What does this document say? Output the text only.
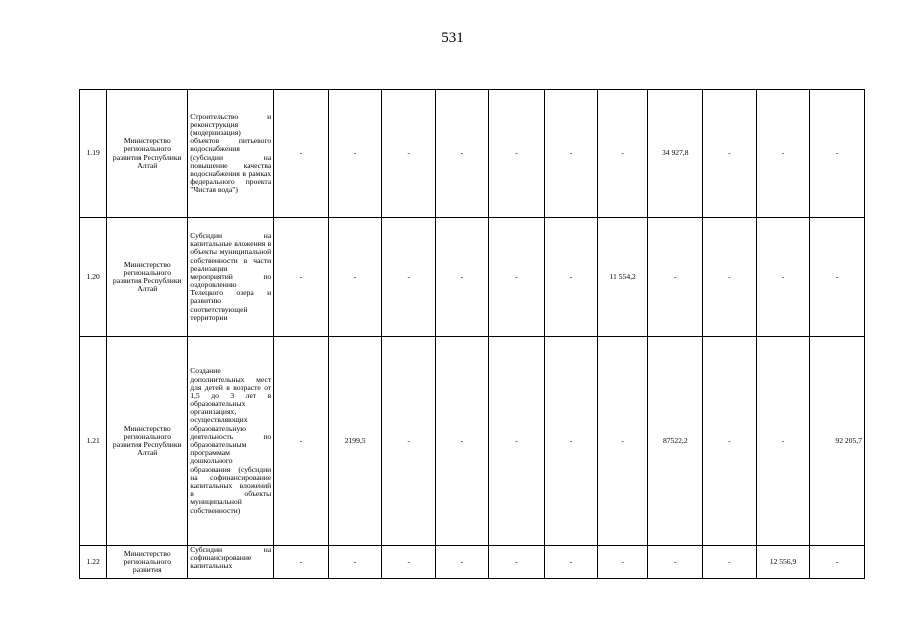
531
1.19	Министерство регионального развития Республики Алтай	Строительство и реконструкция (модернизация) объектов питьевого водоснабжения (субсидии на повышение качества водоснабжения в рамках федерального проекта "Чистая вода")	-	-	-	-	-	-	-	34 927,8	-	-	-
1.20	Министерство регионального развития Республики Алтай	Субсидии на капитальные вложения в объекты муниципальной собственности в части реализации мероприятий по оздоровлению Телецкого озера и развитию соответствующей территории	-	-	-	-	-	-	11 554,2	-	-	-	-
1.21	Министерство регионального развития Республики Алтай	Создание дополнительных мест для детей в возрасте от 1,5 до 3 лет в образовательных организациях, осуществляющих образовательную деятельность по образовательным программам дошкольного образования (субсидии на софинансирование капитальных вложений в объекты муниципальной собственности)	-	2199,5	-	-	-	-	-	87522,2	-	-	92 205,7
1.22	Министерство регионального развития	Субсидии на софинансирование капитальных	-	-	-	-	-	-	-	-	-	12 556,9	-
